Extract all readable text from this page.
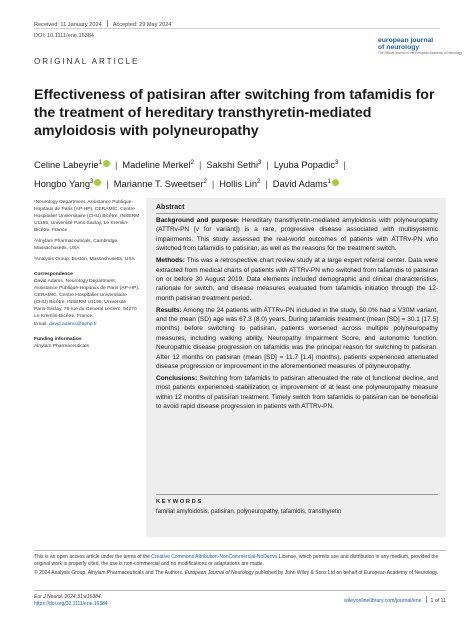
Received: 11 January 2024 Accepted: 29 May 2024
DOI: 10.1111/ene.16384
european journal
of neurology
The Official Journal of the European Academy of Neurology
ORIGINAL ARTICLE
Effectiveness of patisiran after switching from tafamidis for the treatment of hereditary transthyretin-mediated amyloidosis with polyneuropathy
Celine Labeyrie$^1$ | Madeline Merkel$^2$ | Sakshi Sethi$^3$ | Lyuba Popadic$^3$ |
Hongbo Yang$^3$ | Marianne T. Sweetser$^2$ | Hollis Lin$^2$ | David Adams$^1$

¹Neurology Department, Assistance Publique-Hopitaux de Paris (AP-HP), CERAMIC, Centre Hospitalier Universitaire (CHU) Bicêtre, INSERM U1195, Université Paris-Saclay, Le Kremlin-Bicêtre, France

²Alnylam Pharmaceuticals, Cambridge, Massachusetts, USA

³Analysis Group, Boston, Massachusetts, USA

Correspondence

David Adams, Neurology Department, Assistance Publique-Hopitaux de Paris (AP-HP), CERAMIC, Centre Hospitalier Universitaire (CHU) Bicêtre, INSERM U1195, Université Paris-Saclay, 78 rue du General Leclerc, 94270 Le Kremlin-Bicêtre, France.

Email: david.adams@aphp.fr

Funding information

Alnylam Pharmaceuticals

Abstract

Background and purpose: Hereditary transthyretin-mediated amyloidosis with polyneuropathy (ATTRv-PN [v for variant]) is a rare, progressive disease associated with multisystemic impairments. This study assessed the real-world outcomes of patients with ATTRv-PN who switched from tafamidis to patisiran, as well as the reasons for the treatment switch.

Methods: This was a retrospective chart review study at a large expert referral center. Data were extracted from medical charts of patients with ATTRv-PN who switched from tafamidis to patisiran on or before 30 August 2019. Data elements included demographic and clinical characteristics, rationale for switch, and disease measures evaluated from tafamidis initiation through the 12-month patisiran treatment period.

Results: Among the 24 patients with ATTRv-PN included in the study, 50.0% had a V30M variant, and the mean (SD) age was 67.3 (8.0) years. During tafamidis treatment (mean [SD] = 30.1 [17.5] months) before switching to patisiran, patients worsened across multiple polyneuropathy measures, including walking ability, Neuropathy Impairment Score, and autonomic function. Neuropathic disease progression on tafamidis was the principal reason for switching to patisiran. After 12 months on patisiran (mean [SD] = 11.7 [1.4] months), patients experienced attenuated disease progression or improvement in the aforementioned measures of polyneuropathy.

Conclusions: Switching from tafamidis to patisiran attenuated the rate of functional decline, and most patients experienced stabilization or improvement of at least one polyneuropathy measure within 12 months of patisiran treatment. Timely switch from tafamidis to patisiran can be beneficial to avoid rapid disease progression in patients with ATTRv-PN.

KEYWORDS
familial amyloidosis, patisiran, polyneuropathy, tafamidis, transthyretin

This is an open access article under the terms of the Creative Commons Attribution-NonCommercial-NoDerivs License, which permits use and distribution in any medium, provided the original work is properly cited, the use is non-commercial and no modifications or adaptations are made.

© 2024 Analysis Group, Alnylam Pharmaceuticals and The Authors. European Journal of Neurology published by John Wiley & Sons Ltd on behalf of European Academy of Neurology.

Eur J Neurol. 2024;31:e16384.
https://doi.org/10.1111/ene.16384	wileyonlinelibrary.com/journal/ene 1 of 11
